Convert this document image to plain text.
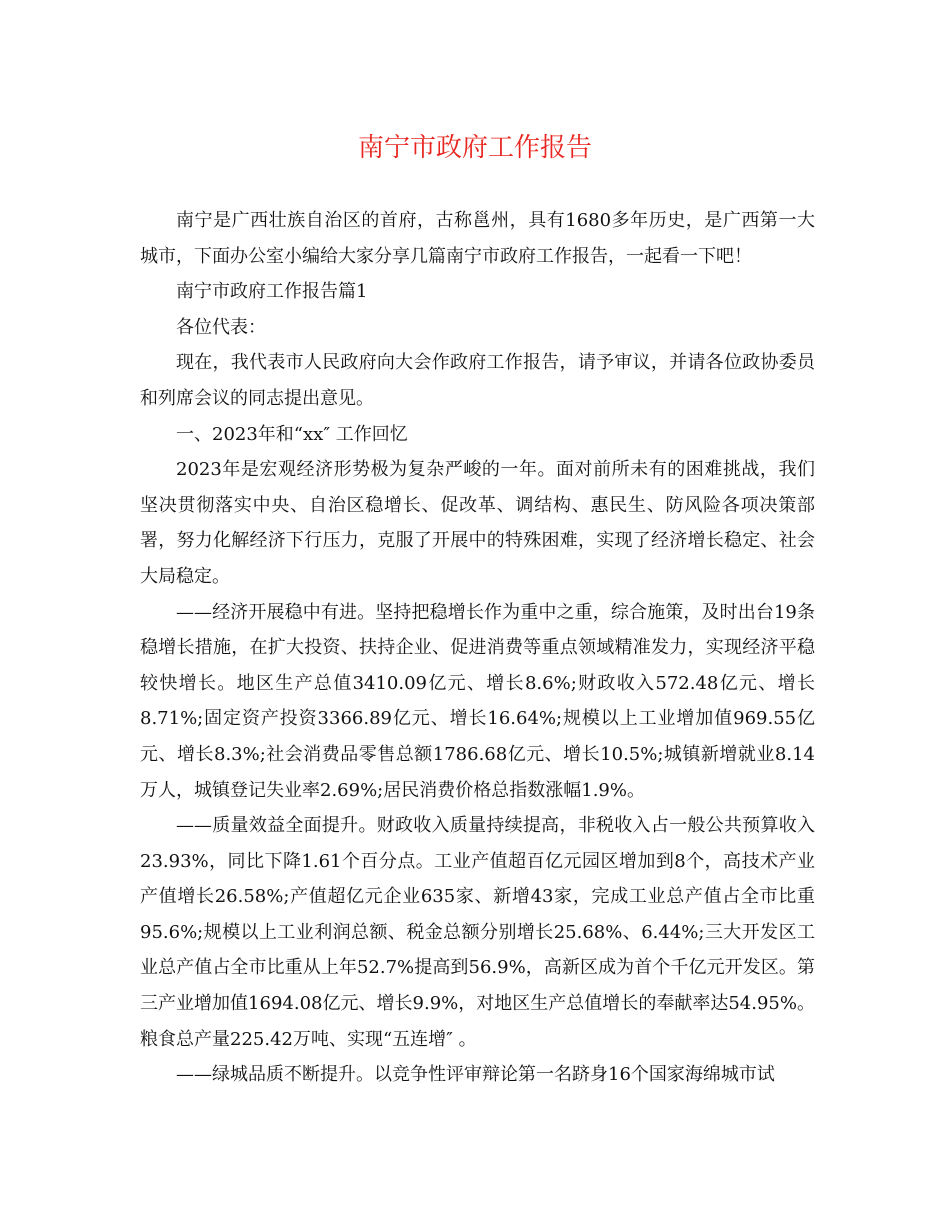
南宁市政府工作报告

南宁是广西壮族自治区的首府，古称邕州，具有1680多年历史，是广西第一大城市，下面办公室小编给大家分享几篇南宁市政府工作报告，一起看一下吧！

南宁市政府工作报告篇1

各位代表：

现在，我代表市人民政府向大会作政府工作报告，请予审议，并请各位政协委员和列席会议的同志提出意见。

一、2023年和“xx″ 工作回忆

2023年是宏观经济形势极为复杂严峻的一年。面对前所未有的困难挑战，我们坚决贯彻落实中央、自治区稳增长、促改革、调结构、惠民生、防风险各项决策部署，努力化解经济下行压力，克服了开展中的特殊困难，实现了经济增长稳定、社会大局稳定。

——经济开展稳中有进。坚持把稳增长作为重中之重，综合施策，及时出台19条稳增长措施，在扩大投资、扶持企业、促进消费等重点领域精准发力，实现经济平稳较快增长。地区生产总值3410.09亿元、增长8.6%;财政收入572.48亿元、增长8.71%;固定资产投资3366.89亿元、增长16.64%;规模以上工业增加值969.55亿元、增长8.3%;社会消费品零售总额1786.68亿元、增长10.5%;城镇新增就业8.14万人，城镇登记失业率2.69%;居民消费价格总指数涨幅1.9%。

——质量效益全面提升。财政收入质量持续提高，非税收入占一般公共预算收入23.93%，同比下降1.61个百分点。工业产值超百亿元园区增加到8个，高技术产业产值增长26.58%;产值超亿元企业635家、新增43家，完成工业总产值占全市比重95.6%;规模以上工业利润总额、税金总额分别增长25.68%、6.44%;三大开发区工业总产值占全市比重从上年52.7%提高到56.9%，高新区成为首个千亿元开发区。第三产业增加值1694.08亿元、增长9.9%，对地区生产总值增长的奉献率达54.95%。粮食总产量225.42万吨、实现“五连增″ 。

——绿城品质不断提升。以竞争性评审辩论第一名跻身16个国家海绵城市试
